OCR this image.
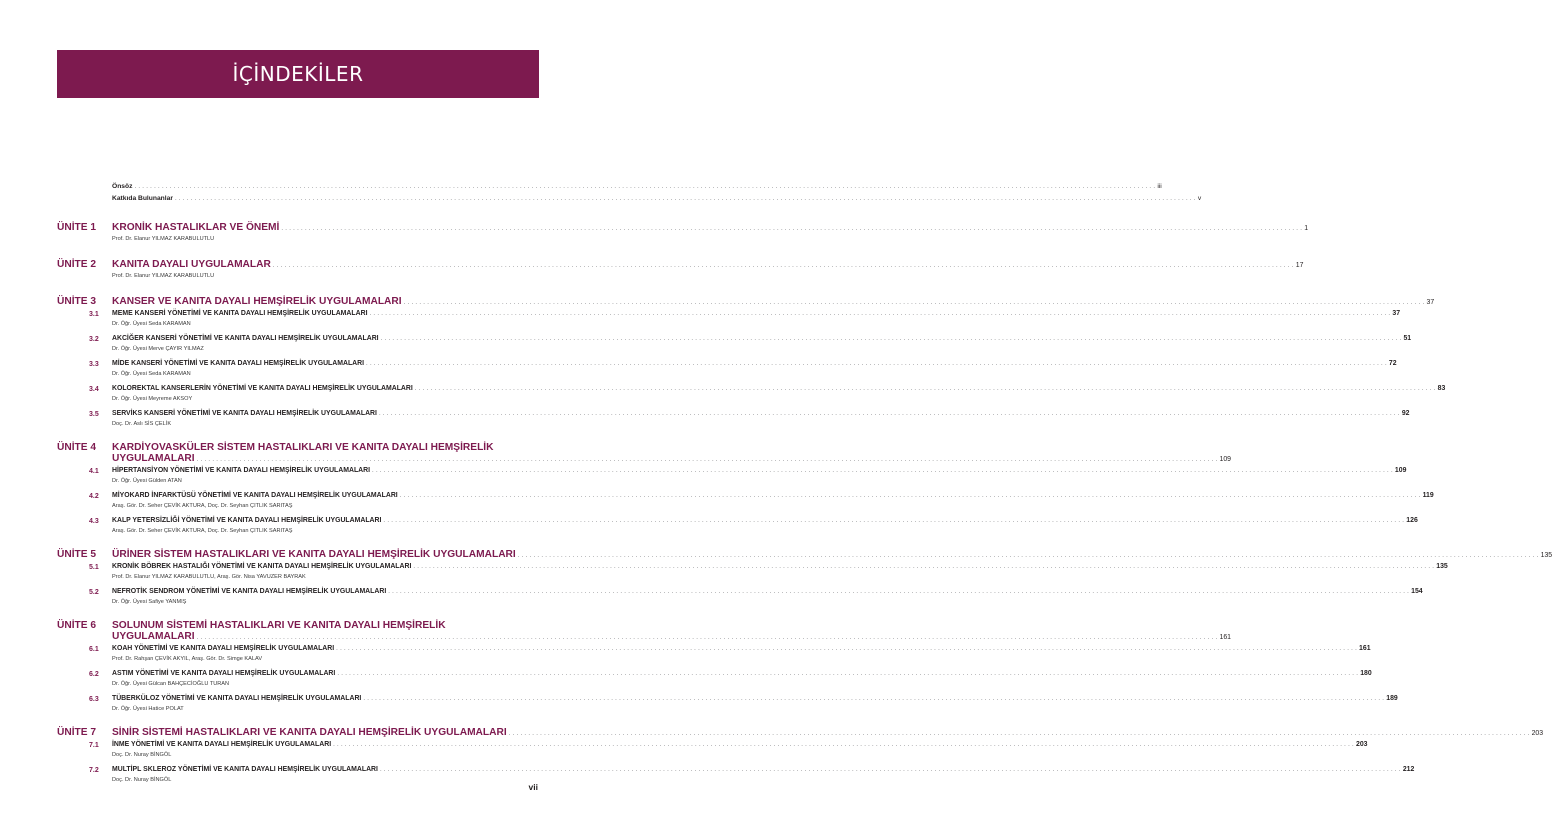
İÇİNDEKİLER
Önsöz . . . . . . . . . . . . . . . . . . . . . . . . . . . . . . . . . . . . . . . . . . . . . . . . . . . . . . . . . . . . . . . . . . . . . . . . . . . . . . . . . . . . . . . . . . . . . . . . . . . . . . . . . . . . . . . . . . . . . . . . . . . . . . . . . . . . . . . . . . . . . . . . . . . . . . . . . . . . . . . . . . . . . . . . . . . . . . . . . . . . . . . . . . . . . . . . . . . . . . . . . . . . . . . . . . . . . . . . . . . . . . . . . . . . . . . . . . . . . . . . . . . . . . . . . . . . . . . . . . . . iii
Katkıda Bulunanlar . . . . . . . . . . . . . . . . . . . . . . . . . . . . . . . . . . . . . . . . . . . . . . . . . . . . . . . . . . . . . . . . . . . . . . . . . . . . . . . . . . . . . . . . . . . . . . . . . . . . . . . . . . . . . . . . . . . . . . . . . . . . . . . . . . . . . . . . . . . . . . . . . . . . . . . . . . . . . . . . . . . . . . . . . . . . . . . . . . . . . . . . . . . . . . . . . . . . . . . . . . . . . . . . . . . . . . . . . . . . . . . . . . . . . . . . . . . . . . . . . . . . . . . . . . . . . . . . . . . . v
ÜNİTE 1 KRONİK HASTALIKLAR VE ÖNEMİ . . . . . . . . . . . . . . . . . . . . . . . . . . . . . . . . . . . . . . . . . . . . . . . . . . . . . . . . . . . . . . . . . . . . . . . . . . . . . . . . . . . . . . . . . . . . . . . . . . . . . . . . . . . . . . . . . . . . . . . . . . . . . . . . . . . . . . . . . . . . . . . . . . . . . . . . . . . . . . . . . . . . . . . . . . . . . . . . . . . . . . . . . . . . . . . . . . . . . . . . . . . . . . . . . . . . . . . . . . . . . . . . . . . . . . . . . . . . . . . . . . . . . . . . . . . . . . . . . . . . 1
Prof. Dr. Elanur YILMAZ KARABULUTLU
ÜNİTE 2 KANITA DAYALI UYGULAMALAR . . . . . . . . . . . . . . . . . . . . . . . . . . . . . . . . . . . . . . . . . . . . . . . . . . . . . . . . . . . . . . . . . . . . . . . . . . . . . . . . . . . . . . . . . . . . . . . . . . . . . . . . . . . . . . . . . . . . . . . . . . . . . . . . . . . . . . . . . . . . . . . . . . . . . . . . . . . . . . . . . . . . . . . . . . . . . . . . . . . . . . . . . . . . . . . . . . . . . . . . . . . . . . . . . . . . . . . . . . . . . . . . . . . . . . . . . . . . . . . . . . . . . . . . . . . . . . . . . . . . 17
Prof. Dr. Elanur YILMAZ KARABULUTLU
ÜNİTE 3 KANSER VE KANITA DAYALI HEMŞİRELİK UYGULAMALARI . . . . . . . . . . . . . . . . . . . . . . . . . . . . . . . . . . . . . . . . . . . . . . . . . . . . . . . . . . . . . . . . . . . . . . . . . . . . . . . . . . . . . . . . . . . . . . . . . . . . . . . . . . . . . . . . . . . . . . . . . . . . . . . . . . . . . . . . . . . . . . . . . . . . . . . . . . . . . . . . . . . . . . . . . . . . . . . . . . . . . . . . . . . . . . . . . . . . . . . . . . . . . . . . . . . . . . . . . . . . . . . . . . . . . . . . . . . . . . . . . . . . . . . . . . . . . . . . . . . . 37
3.1 MEME KANSERİ YÖNETİMİ VE KANITA DAYALI HEMŞİRELİK UYGULAMALARI . . . . . . . . . . . . . . . . . . . . . . . . . . . . . . . . . . . . . . . . . . . . . . . . . . . . . . . . . . . . . . . . . . . . . . . . . . . . . . . . . . . . . . . . . . . . . . . . . . . . . . . . . . . . . . . . . . . . . . . . . . . . . . . . . . . . . . . . . . . . . . . . . . . . . . . . . . . . . . . . . . . . . . . . . . . . . . . . . . . . . . . . . . . . . . . . . . . . . . . . . . . . . . . . . . . . . . . . . . . . . . . . . . . . . . . . . . . . . . . . . . . . . . . . . . . . . . . . . . . . 37
Dr. Öğr. Üyesi Seda KARAMAN
3.2 AKCİĞER KANSERİ YÖNETİMİ VE KANITA DAYALI HEMŞİRELİK UYGULAMALARI . . . . . . . . . . . . . . . . . . . . . . . . . . . . . . . . . . . . . . . . . . . . . . . . . . . . . . . . . . . . . . . . . . . . . . . . . . . . . . . . . . . . . . . . . . . . . . . . . . . . . . . . . . . . . . . . . . . . . . . . . . . . . . . . . . . . . . . . . . . . . . . . . . . . . . . . . . . . . . . . . . . . . . . . . . . . . . . . . . . . . . . . . . . . . . . . . . . . . . . . . . . . . . . . . . . . . . . . . . . . . . . . . . . . . . . . . . . . . . . . . . . . . . . . . . . . . . . . . . . . 51
Dr. Öğr. Üyesi Merve ÇAYIR YILMAZ
3.3 MİDE KANSERİ YÖNETİMİ VE KANITA DAYALI HEMŞİRELİK UYGULAMALARI . . . . . . . . . . . . . . . . . . . . . . . . . . . . . . . . . . . . . . . . . . . . . . . . . . . . . . . . . . . . . . . . . . . . . . . . . . . . . . . . . . . . . . . . . . . . . . . . . . . . . . . . . . . . . . . . . . . . . . . . . . . . . . . . . . . . . . . . . . . . . . . . . . . . . . . . . . . . . . . . . . . . . . . . . . . . . . . . . . . . . . . . . . . . . . . . . . . . . . . . . . . . . . . . . . . . . . . . . . . . . . . . . . . . . . . . . . . . . . . . . . . . . . . . . . . . . . . . . . . . 72
Dr. Öğr. Üyesi Seda KARAMAN
3.4 KOLOREKTAL KANSERLERİN YÖNETİMİ VE KANITA DAYALI HEMŞİRELİK UYGULAMALARI . . . . . . . . . . . . . . . . . . . . . . . . . . . . . . . . . . . . . . . . . . . . . . . . . . . . . . . . . . . . . . . . . . . . . . . . . . . . . . . . . . . . . . . . . . . . . . . . . . . . . . . . . . . . . . . . . . . . . . . . . . . . . . . . . . . . . . . . . . . . . . . . . . . . . . . . . . . . . . . . . . . . . . . . . . . . . . . . . . . . . . . . . . . . . . . . . . . . . . . . . . . . . . . . . . . . . . . . . . . . . . . . . . . . . . . . . . . . . . . . . . . . . . . . . . . . . . . . . . . . 83
Dr. Öğr. Üyesi Meyreme AKSOY
3.5 SERVİKS KANSERİ YÖNETİMİ VE KANITA DAYALI HEMŞİRELİK UYGULAMALARI . . . . . . . . . . . . . . . . . . . . . . . . . . . . . . . . . . . . . . . . . . . . . . . . . . . . . . . . . . . . . . . . . . . . . . . . . . . . . . . . . . . . . . . . . . . . . . . . . . . . . . . . . . . . . . . . . . . . . . . . . . . . . . . . . . . . . . . . . . . . . . . . . . . . . . . . . . . . . . . . . . . . . . . . . . . . . . . . . . . . . . . . . . . . . . . . . . . . . . . . . . . . . . . . . . . . . . . . . . . . . . . . . . . . . . . . . . . . . . . . . . . . . . . . . . . . . . . . . . . . 92
Doç. Dr. Aslı SİS ÇELİK
ÜNİTE 4 KARDİYOVASKÜLER SİSTEM HASTALIKLARI VE KANITA DAYALI HEMŞİRELİK
UYGULAMALARI . . . . . . . . . . . . . . . . . . . . . . . . . . . . . . . . . . . . . . . . . . . . . . . . . . . . . . . . . . . . . . . . . . . . . . . . . . . . . . . . . . . . . . . . . . . . . . . . . . . . . . . . . . . . . . . . . . . . . . . . . . . . . . . . . . . . . . . . . . . . . . . . . . . . . . . . . . . . . . . . . . . . . . . . . . . . . . . . . . . . . . . . . . . . . . . . . . . . . . . . . . . . . . . . . . . . . . . . . . . . . . . . . . . . . . . . . . . . . . . . . . . . . . . . . . . . . . . . . . . . 109
4.1 HİPERTANSİYON YÖNETİMİ VE KANITA DAYALI HEMŞİRELİK UYGULAMALARI . . . . . . . . . . . . . . . . . . . . . . . . . . . . . . . . . . . . . . . . . . . . . . . . . . . . . . . . . . . . . . . . . . . . . . . . . . . . . . . . . . . . . . . . . . . . . . . . . . . . . . . . . . . . . . . . . . . . . . . . . . . . . . . . . . . . . . . . . . . . . . . . . . . . . . . . . . . . . . . . . . . . . . . . . . . . . . . . . . . . . . . . . . . . . . . . . . . . . . . . . . . . . . . . . . . . . . . . . . . . . . . . . . . . . . . . . . . . . . . . . . . . . . . . . . . . . . . . . . . . 109
Dr. Öğr. Üyesi Gülden ATAN
4.2 MİYOKARD İNFARKTÜSÜ YÖNETİMİ VE KANITA DAYALI HEMŞİRELİK UYGULAMALARI . . . . . . . . . . . . . . . . . . . . . . . . . . . . . . . . . . . . . . . . . . . . . . . . . . . . . . . . . . . . . . . . . . . . . . . . . . . . . . . . . . . . . . . . . . . . . . . . . . . . . . . . . . . . . . . . . . . . . . . . . . . . . . . . . . . . . . . . . . . . . . . . . . . . . . . . . . . . . . . . . . . . . . . . . . . . . . . . . . . . . . . . . . . . . . . . . . . . . . . . . . . . . . . . . . . . . . . . . . . . . . . . . . . . . . . . . . . . . . . . . . . . . . . . . . . . . . . . . . . . 119
Araş. Gör. Dr. Seher ÇEVİK AKTURA, Doç. Dr. Seyhan ÇITLIK SARITAŞ
4.3 KALP YETERSİZLİĞİ YÖNETİMİ VE KANITA DAYALI HEMŞİRELİK UYGULAMALARI . . . . . . . . . . . . . . . . . . . . . . . . . . . . . . . . . . . . . . . . . . . . . . . . . . . . . . . . . . . . . . . . . . . . . . . . . . . . . . . . . . . . . . . . . . . . . . . . . . . . . . . . . . . . . . . . . . . . . . . . . . . . . . . . . . . . . . . . . . . . . . . . . . . . . . . . . . . . . . . . . . . . . . . . . . . . . . . . . . . . . . . . . . . . . . . . . . . . . . . . . . . . . . . . . . . . . . . . . . . . . . . . . . . . . . . . . . . . . . . . . . . . . . . . . . . . . . . . . . . . 126
Araş. Gör. Dr. Seher ÇEVİK AKTURA, Doç. Dr. Seyhan ÇITLIK SARITAŞ
ÜNİTE 5 ÜRİNER SİSTEM HASTALIKLARI VE KANITA DAYALI HEMŞİRELİK UYGULAMALARI . . . . . . . . . . . . . . . . . . . . . . . . . . . . . . . . . . . . . . . . . . . . . . . . . . . . . . . . . . . . . . . . . . . . . . . . . . . . . . . . . . . . . . . . . . . . . . . . . . . . . . . . . . . . . . . . . . . . . . . . . . . . . . . . . . . . . . . . . . . . . . . . . . . . . . . . . . . . . . . . . . . . . . . . . . . . . . . . . . . . . . . . . . . . . . . . . . . . . . . . . . . . . . . . . . . . . . . . . . . . . . . . . . . . . . . . . . . . . . . . . . . . . . . . . . . . . . . . . . . . 135
5.1 KRONİK BÖBREK HASTALIĞI YÖNETİMİ VE KANITA DAYALI HEMŞİRELİK UYGULAMALARI . . . . . . . . . . . . . . . . . . . . . . . . . . . . . . . . . . . . . . . . . . . . . . . . . . . . . . . . . . . . . . . . . . . . . . . . . . . . . . . . . . . . . . . . . . . . . . . . . . . . . . . . . . . . . . . . . . . . . . . . . . . . . . . . . . . . . . . . . . . . . . . . . . . . . . . . . . . . . . . . . . . . . . . . . . . . . . . . . . . . . . . . . . . . . . . . . . . . . . . . . . . . . . . . . . . . . . . . . . . . . . . . . . . . . . . . . . . . . . . . . . . . . . . . . . . . . . . . . . . . 135
Prof. Dr. Elanur YILMAZ KARABULUTLU, Araş. Gör. Nisa YAVUZER BAYRAK
5.2 NEFROTİK SENDROM YÖNETİMİ VE KANITA DAYALI HEMŞİRELİK UYGULAMALARI . . . . . . . . . . . . . . . . . . . . . . . . . . . . . . . . . . . . . . . . . . . . . . . . . . . . . . . . . . . . . . . . . . . . . . . . . . . . . . . . . . . . . . . . . . . . . . . . . . . . . . . . . . . . . . . . . . . . . . . . . . . . . . . . . . . . . . . . . . . . . . . . . . . . . . . . . . . . . . . . . . . . . . . . . . . . . . . . . . . . . . . . . . . . . . . . . . . . . . . . . . . . . . . . . . . . . . . . . . . . . . . . . . . . . . . . . . . . . . . . . . . . . . . . . . . . . . . . . . . . 154
Dr. Öğr. Üyesi Safiye YANMIŞ
ÜNİTE 6 SOLUNUM SİSTEMİ HASTALIKLARI VE KANITA DAYALI HEMŞİRELİK
UYGULAMALARI . . . . . . . . . . . . . . . . . . . . . . . . . . . . . . . . . . . . . . . . . . . . . . . . . . . . . . . . . . . . . . . . . . . . . . . . . . . . . . . . . . . . . . . . . . . . . . . . . . . . . . . . . . . . . . . . . . . . . . . . . . . . . . . . . . . . . . . . . . . . . . . . . . . . . . . . . . . . . . . . . . . . . . . . . . . . . . . . . . . . . . . . . . . . . . . . . . . . . . . . . . . . . . . . . . . . . . . . . . . . . . . . . . . . . . . . . . . . . . . . . . . . . . . . . . . . . . . . . . . . 161
6.1 KOAH YÖNETİMİ VE KANITA DAYALI HEMŞİRELİK UYGULAMALARI . . . . . . . . . . . . . . . . . . . . . . . . . . . . . . . . . . . . . . . . . . . . . . . . . . . . . . . . . . . . . . . . . . . . . . . . . . . . . . . . . . . . . . . . . . . . . . . . . . . . . . . . . . . . . . . . . . . . . . . . . . . . . . . . . . . . . . . . . . . . . . . . . . . . . . . . . . . . . . . . . . . . . . . . . . . . . . . . . . . . . . . . . . . . . . . . . . . . . . . . . . . . . . . . . . . . . . . . . . . . . . . . . . . . . . . . . . . . . . . . . . . . . . . . . . . . . . . . . . . . 161
Prof. Dr. Rahşan ÇEVİK AKYIL, Araş. Gör. Dr. Simge KALAV
6.2 ASTIM YÖNETİMİ VE KANITA DAYALI HEMŞİRELİK UYGULAMALARI . . . . . . . . . . . . . . . . . . . . . . . . . . . . . . . . . . . . . . . . . . . . . . . . . . . . . . . . . . . . . . . . . . . . . . . . . . . . . . . . . . . . . . . . . . . . . . . . . . . . . . . . . . . . . . . . . . . . . . . . . . . . . . . . . . . . . . . . . . . . . . . . . . . . . . . . . . . . . . . . . . . . . . . . . . . . . . . . . . . . . . . . . . . . . . . . . . . . . . . . . . . . . . . . . . . . . . . . . . . . . . . . . . . . . . . . . . . . . . . . . . . . . . . . . . . . . . . . . . . . 180
Dr. Öğr. Üyesi Gülcan BAHÇECİOĞLU TURAN
6.3 TÜBERKÜLOZ YÖNETİMİ VE KANITA DAYALI HEMŞİRELİK UYGULAMALARI . . . . . . . . . . . . . . . . . . . . . . . . . . . . . . . . . . . . . . . . . . . . . . . . . . . . . . . . . . . . . . . . . . . . . . . . . . . . . . . . . . . . . . . . . . . . . . . . . . . . . . . . . . . . . . . . . . . . . . . . . . . . . . . . . . . . . . . . . . . . . . . . . . . . . . . . . . . . . . . . . . . . . . . . . . . . . . . . . . . . . . . . . . . . . . . . . . . . . . . . . . . . . . . . . . . . . . . . . . . . . . . . . . . . . . . . . . . . . . . . . . . . . . . . . . . . . . . . . . . . 189
Dr. Öğr. Üyesi Hatice POLAT
ÜNİTE 7 SİNİR SİSTEMİ HASTALIKLARI VE KANITA DAYALI HEMŞİRELİK UYGULAMALARI . . . . . . . . . . . . . . . . . . . . . . . . . . . . . . . . . . . . . . . . . . . . . . . . . . . . . . . . . . . . . . . . . . . . . . . . . . . . . . . . . . . . . . . . . . . . . . . . . . . . . . . . . . . . . . . . . . . . . . . . . . . . . . . . . . . . . . . . . . . . . . . . . . . . . . . . . . . . . . . . . . . . . . . . . . . . . . . . . . . . . . . . . . . . . . . . . . . . . . . . . . . . . . . . . . . . . . . . . . . . . . . . . . . . . . . . . . . . . . . . . . . . . . . . . . . . . . . . . . . . 203
7.1 İNME YÖNETİMİ VE KANITA DAYALI HEMŞİRELİK UYGULAMALARI . . . . . . . . . . . . . . . . . . . . . . . . . . . . . . . . . . . . . . . . . . . . . . . . . . . . . . . . . . . . . . . . . . . . . . . . . . . . . . . . . . . . . . . . . . . . . . . . . . . . . . . . . . . . . . . . . . . . . . . . . . . . . . . . . . . . . . . . . . . . . . . . . . . . . . . . . . . . . . . . . . . . . . . . . . . . . . . . . . . . . . . . . . . . . . . . . . . . . . . . . . . . . . . . . . . . . . . . . . . . . . . . . . . . . . . . . . . . . . . . . . . . . . . . . . . . . . . . . . . . 203
Doç. Dr. Nuray BİNGÖL
7.2 MULTİPL SKLEROZ YÖNETİMİ VE KANITA DAYALI HEMŞİRELİK UYGULAMALARI . . . . . . . . . . . . . . . . . . . . . . . . . . . . . . . . . . . . . . . . . . . . . . . . . . . . . . . . . . . . . . . . . . . . . . . . . . . . . . . . . . . . . . . . . . . . . . . . . . . . . . . . . . . . . . . . . . . . . . . . . . . . . . . . . . . . . . . . . . . . . . . . . . . . . . . . . . . . . . . . . . . . . . . . . . . . . . . . . . . . . . . . . . . . . . . . . . . . . . . . . . . . . . . . . . . . . . . . . . . . . . . . . . . . . . . . . . . . . . . . . . . . . . . . . . . . . . . . . . . . 212
Doç. Dr. Nuray BİNGÖL
vii
